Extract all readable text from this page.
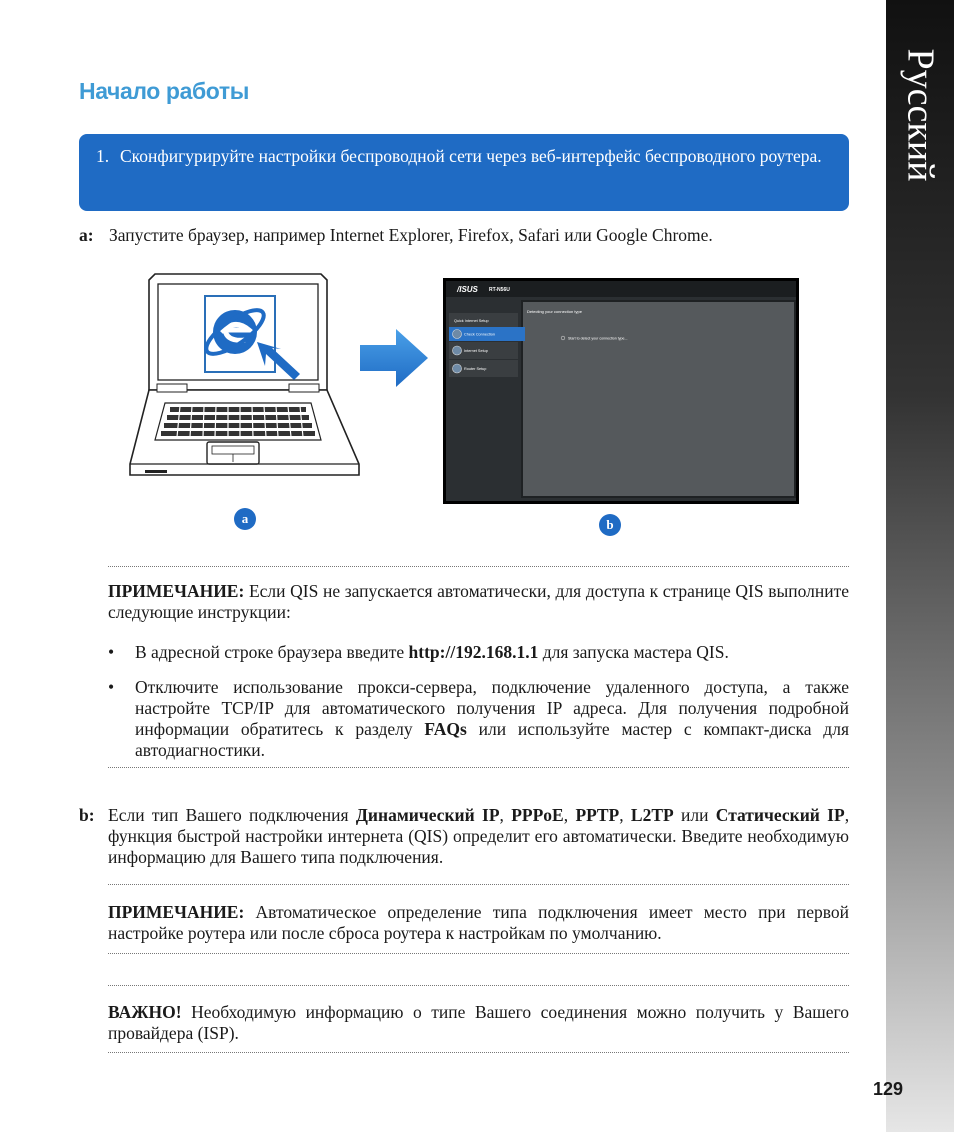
Русский
Начало работы
1. Сконфигурируйте настройки беспроводной сети через веб-интерфейс беспроводного роутера.
a: Запустите браузер, например Internet Explorer, Firefox, Safari или Google Chrome.
/ISUS RT-N56U
Quick Internet Setup
Check Connection
Internet Setup
Router Setup
Detecting your connection type
Start to detect your connection type...
a	b
ПРИМЕЧАНИЕ: Если QIS не запускается автоматически, для доступа к странице QIS выполните следующие инструкции:
• В адресной строке браузера введите http://192.168.1.1 для запуска мастера QIS.
• Отключите использование прокси-сервера, подключение удаленного доступа, а также настройте TCP/IP для автоматического получения IP адреса. Для получения подробной информации обратитесь к разделу FAQs или используйте мастер с компакт-диска для автодиагностики.
b: Если тип Вашего подключения Динамический IP, PPPoE, PPTP, L2TP или Статический IP, функция быстрой настройки интернета (QIS) определит его автоматически. Введите необходимую информацию для Вашего типа подключения.
ПРИМЕЧАНИЕ: Автоматическое определение типа подключения имеет место при первой настройке роутера или после сброса роутера к настройкам по умолчанию.
ВАЖНО! Необходимую информацию о типе Вашего соединения можно получить у Вашего провайдера (ISP).
129
